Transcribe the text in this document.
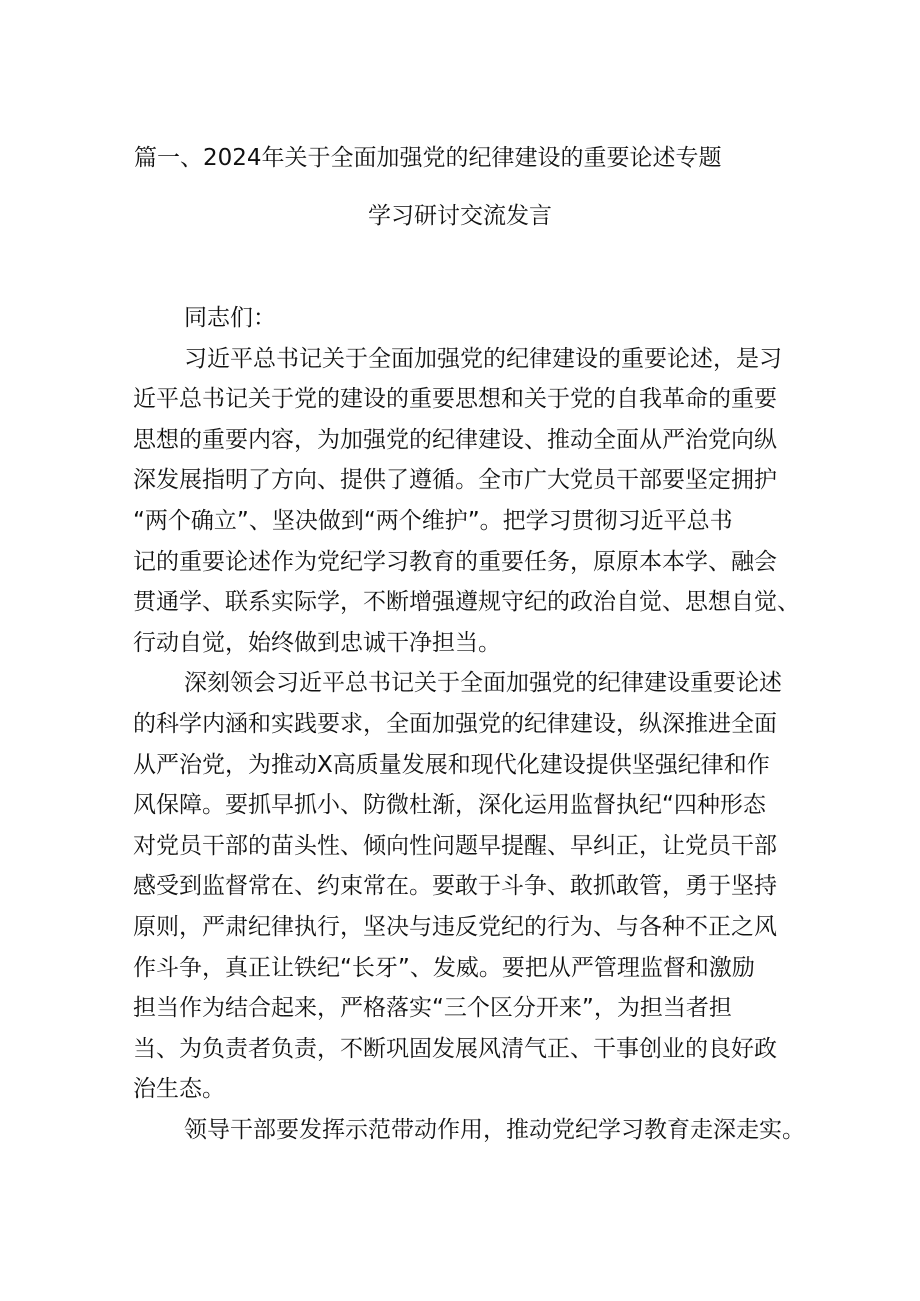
篇一、2024年关于全面加强党的纪律建设的重要论述专题
学习研讨交流发言
同志们：
习近平总书记关于全面加强党的纪律建设的重要论述，是习
近平总书记关于党的建设的重要思想和关于党的自我革命的重要
思想的重要内容，为加强党的纪律建设、推动全面从严治党向纵
深发展指明了方向、提供了遵循。全市广大党员干部要坚定拥护
“两个确立”、坚决做到“两个维护”。把学习贯彻习近平总书
记的重要论述作为党纪学习教育的重要任务，原原本本学、融会
贯通学、联系实际学，不断增强遵规守纪的政治自觉、思想自觉、
行动自觉，始终做到忠诚干净担当。
深刻领会习近平总书记关于全面加强党的纪律建设重要论述
的科学内涵和实践要求，全面加强党的纪律建设，纵深推进全面
从严治党，为推动X高质量发展和现代化建设提供坚强纪律和作
风保障。要抓早抓小、防微杜渐，深化运用监督执纪“四种形态
对党员干部的苗头性、倾向性问题早提醒、早纠正，让党员干部
感受到监督常在、约束常在。要敢于斗争、敢抓敢管，勇于坚持
原则，严肃纪律执行，坚决与违反党纪的行为、与各种不正之风
作斗争，真正让铁纪“长牙”、发威。要把从严管理监督和激励
担当作为结合起来，严格落实“三个区分开来”，为担当者担
当、为负责者负责，不断巩固发展风清气正、干事创业的良好政
治生态。
领导干部要发挥示范带动作用，推动党纪学习教育走深走实。
